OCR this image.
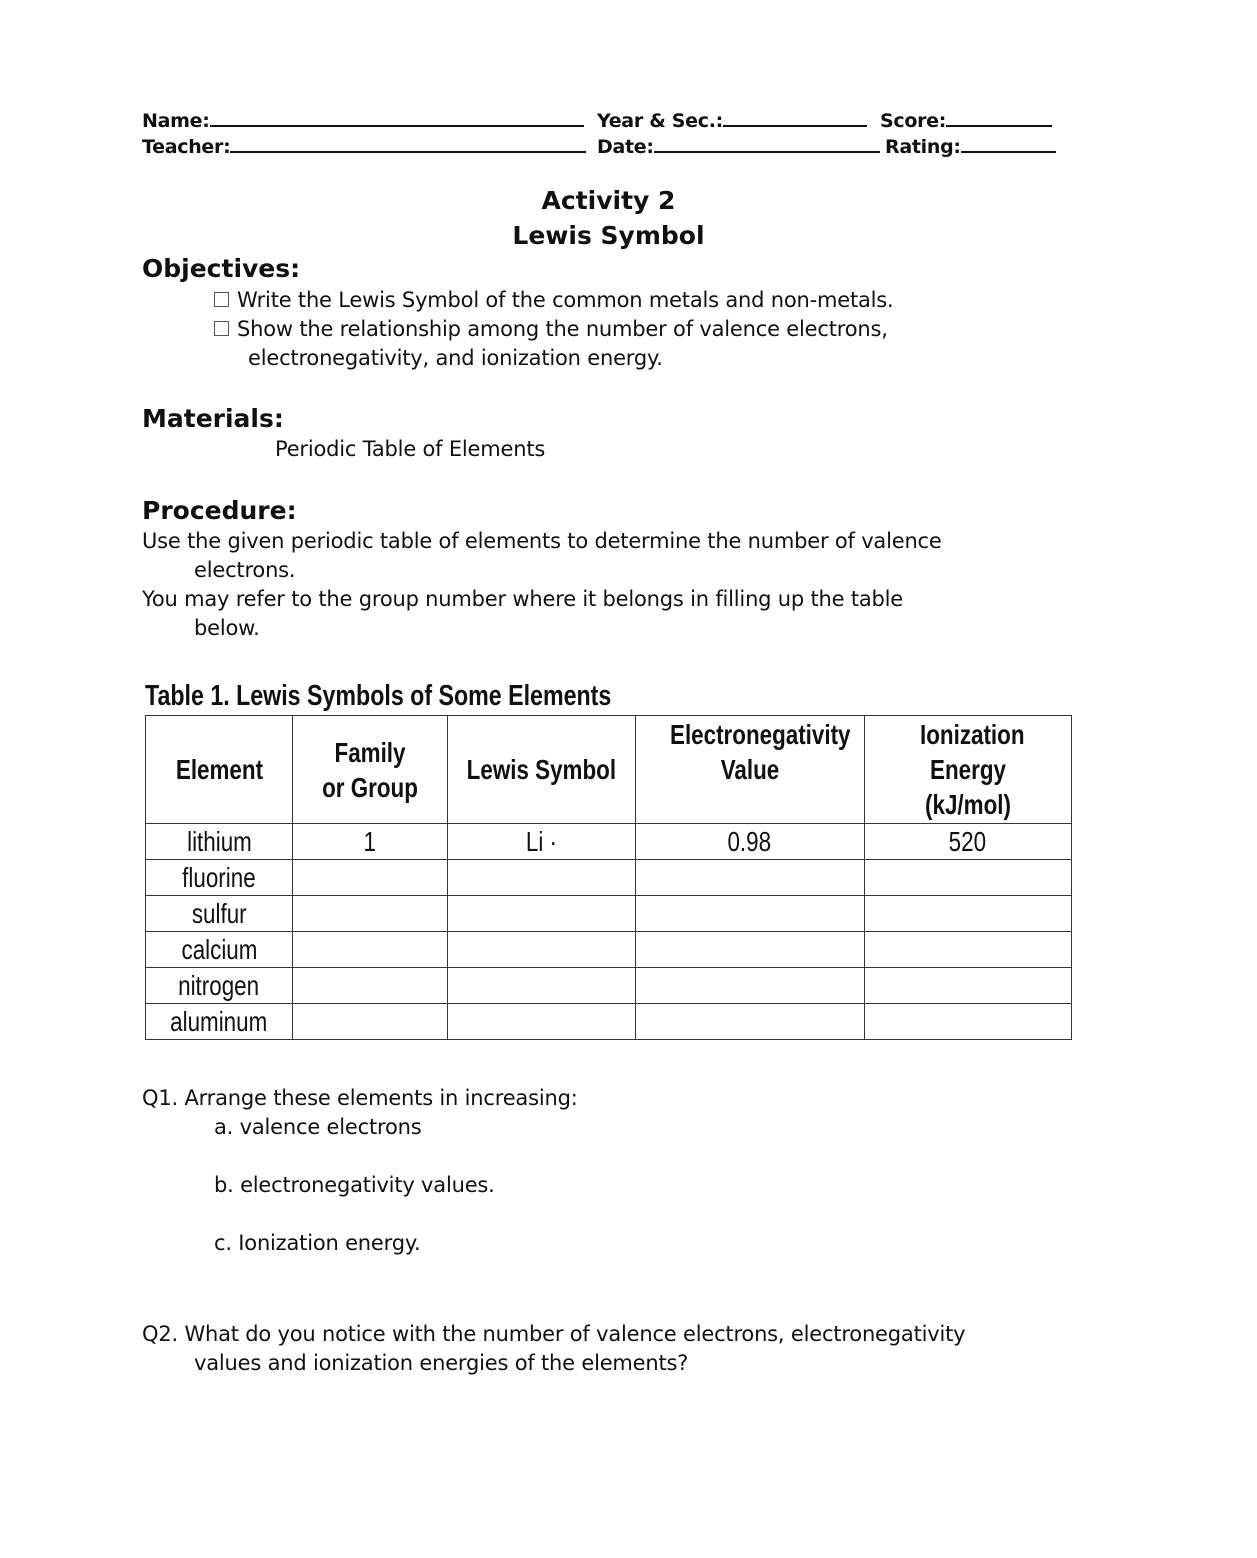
Name:	Year & Sec.:	Score:
Teacher:	Date:	Rating:
Activity 2
Lewis Symbol
Objectives:
Write the Lewis Symbol of the common metals and non-metals.
Show the relationship among the number of valence electrons,
electronegativity, and ionization energy.
Materials:
Periodic Table of Elements
Procedure:
Use the given periodic table of elements to determine the number of valence
electrons.
You may refer to the group number where it belongs in filling up the table
below.
Table 1. Lewis Symbols of Some Elements
Element	Family or Group	Lewis Symbol	Electronegativity Value	Ionization Energy (kJ/mol)
lithium	1	Li ·	0.98	520
fluorine				
sulfur				
calcium				
nitrogen				
aluminum				
Q1. Arrange these elements in increasing:
a. valence electrons
b. electronegativity values.
c. Ionization energy.
Q2. What do you notice with the number of valence electrons, electronegativity
values and ionization energies of the elements?
